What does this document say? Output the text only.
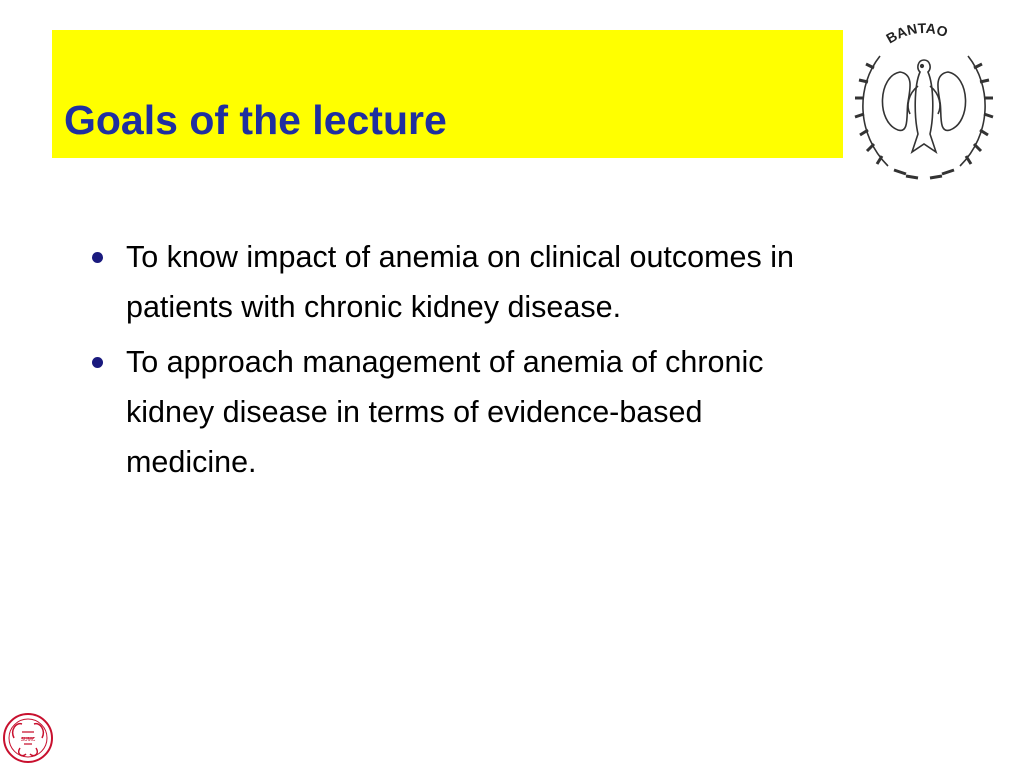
Goals of the lecture
BANTAO
To know impact of anemia on clinical outcomes in patients with chronic kidney disease.
To approach management of anemia of chronic kidney disease in terms of evidence-based medicine.
SUMC
